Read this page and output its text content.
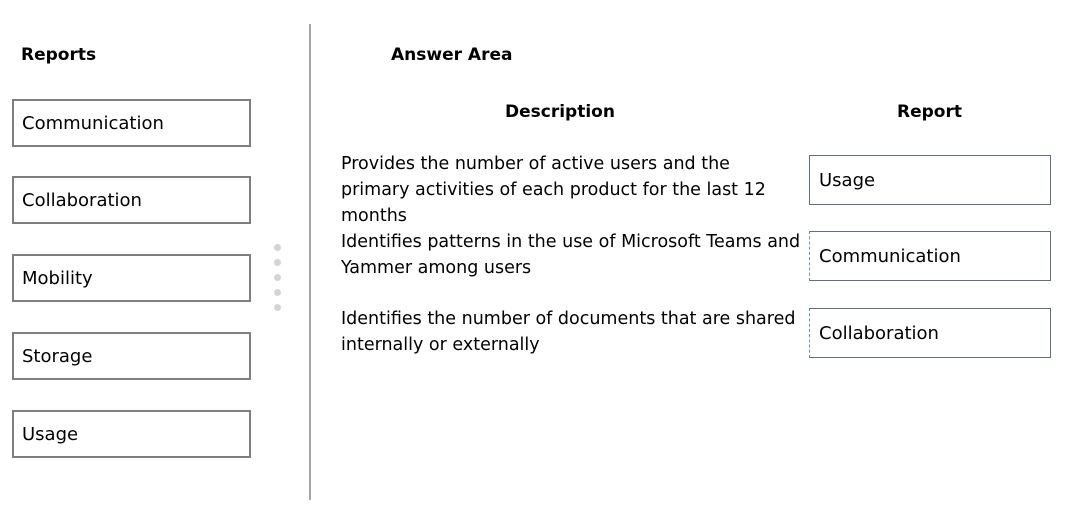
Reports
Communication
Collaboration
Mobility
Storage
Usage
Answer Area
Description	Report
Provides the number of active users and the primary activities of each product for the last 12 months
Usage
Identifies patterns in the use of Microsoft Teams and Yammer among users
Communication
Identifies the number of documents that are shared internally or externally
Collaboration
